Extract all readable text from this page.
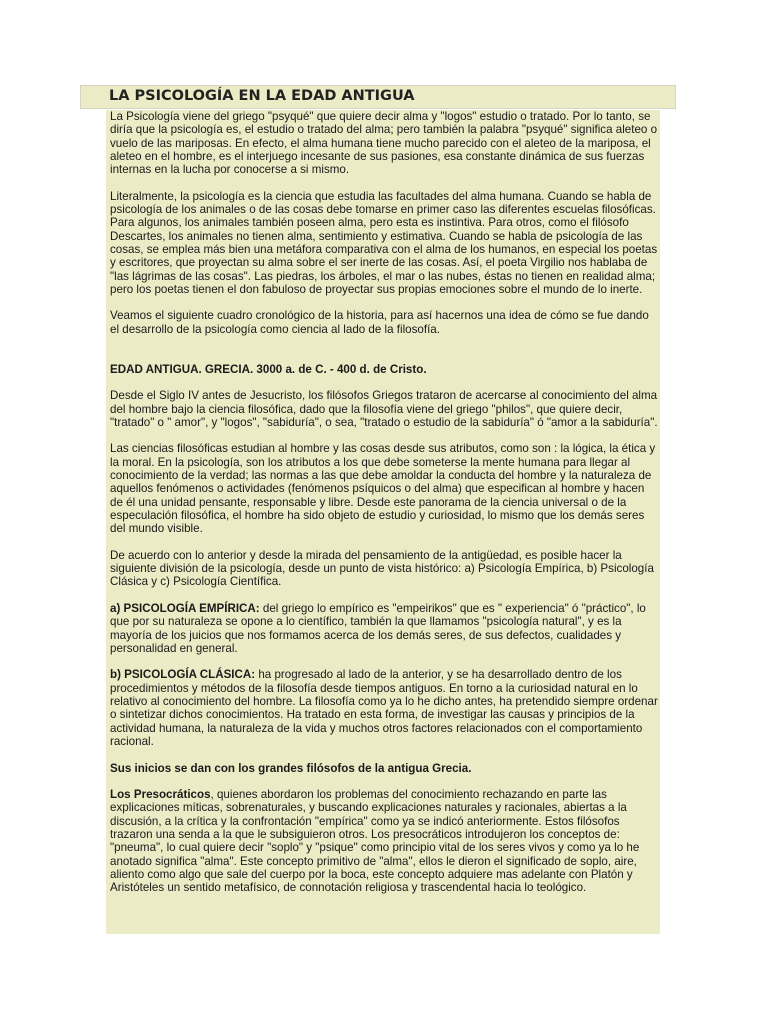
LA PSICOLOGÍA EN LA EDAD ANTIGUA

La Psicología viene del griego "psyqué" que quiere decir alma y "logos" estudio o tratado. Por lo tanto, se diría que la psicología es, el estudio o tratado del alma; pero también la palabra "psyqué" significa aleteo o vuelo de las mariposas. En efecto, el alma humana tiene mucho parecido con el aleteo de la mariposa, el aleteo en el hombre, es el interjuego incesante de sus pasiones, esa constante dinámica de sus fuerzas internas en la lucha por conocerse a si mismo.

Literalmente, la psicología es la ciencia que estudia las facultades del alma humana. Cuando se habla de psicología de los animales o de las cosas debe tomarse en primer caso las diferentes escuelas filosóficas. Para algunos, los animales también poseen alma, pero esta es instintiva. Para otros, como el filósofo Descartes, los animales no tienen alma, sentimiento y estimativa. Cuando se habla de psicología de las cosas, se emplea más bien una metáfora comparativa con el alma de los humanos, en especial los poetas y escritores, que proyectan su alma sobre el ser inerte de las cosas. Así, el poeta Virgilio nos hablaba de "las lágrimas de las cosas". Las piedras, los árboles, el mar o las nubes, éstas no tienen en realidad alma; pero los poetas tienen el don fabuloso de proyectar sus propias emociones sobre el mundo de lo inerte.

Veamos el siguiente cuadro cronológico de la historia, para así hacernos una idea de cómo se fue dando el desarrollo de la psicología como ciencia al lado de la filosofía.

EDAD ANTIGUA. GRECIA. 3000 a. de C. - 400 d. de Cristo.

Desde el Siglo IV antes de Jesucristo, los filósofos Griegos trataron de acercarse al conocimiento del alma del hombre bajo la ciencia filosófica, dado que la filosofía viene del griego "philos", que quiere decir, "tratado" o " amor", y "logos", "sabiduría", o sea, "tratado o estudio de la sabiduría" ó "amor a la sabiduría".

Las ciencias filosóficas estudian al hombre y las cosas desde sus atributos, como son : la lógica, la ética y la moral. En la psicología, son los atributos a los que debe someterse la mente humana para llegar al conocimiento de la verdad; las normas a las que debe amoldar la conducta del hombre y la naturaleza de aquellos fenómenos o actividades (fenómenos psíquicos o del alma) que especifican al hombre y hacen de él una unidad pensante, responsable y libre. Desde este panorama de la ciencia universal o de la especulación filosófica, el hombre ha sido objeto de estudio y curiosidad, lo mismo que los demás seres del mundo visible.

De acuerdo con lo anterior y desde la mirada del pensamiento de la antigüedad, es posible hacer la siguiente división de la psicología, desde un punto de vista histórico: a) Psicología Empírica, b) Psicología Clásica y c) Psicología Científica.

a) PSICOLOGÍA EMPÍRICA: del griego lo empírico es "empeirikos" que es " experiencia" ó "práctico", lo que por su naturaleza se opone a lo científico, también la que llamamos "psicología natural", y es la mayoría de los juicios que nos formamos acerca de los demás seres, de sus defectos, cualidades y personalidad en general.

b) PSICOLOGÍA CLÁSICA: ha progresado al lado de la anterior, y se ha desarrollado dentro de los procedimientos y métodos de la filosofía desde tiempos antiguos. En torno a la curiosidad natural en lo relativo al conocimiento del hombre. La filosofía como ya lo he dicho antes, ha pretendido siempre ordenar o sintetizar dichos conocimientos. Ha tratado en esta forma, de investigar las causas y principios de la actividad humana, la naturaleza de la vida y muchos otros factores relacionados con el comportamiento racional.

Sus inicios se dan con los grandes filósofos de la antigua Grecia.

Los Presocráticos, quienes abordaron los problemas del conocimiento rechazando en parte las explicaciones míticas, sobrenaturales, y buscando explicaciones naturales y racionales, abiertas a la discusión, a la crítica y la confrontación "empírica" como ya se indicó anteriormente. Estos filósofos trazaron una senda a la que le subsiguieron otros. Los presocráticos introdujeron los conceptos de: "pneuma", lo cual quiere decir "soplo" y "psique" como principio vital de los seres vivos y como ya lo he anotado significa "alma". Este concepto primitivo de "alma", ellos le dieron el significado de soplo, aire, aliento como algo que sale del cuerpo por la boca, este concepto adquiere mas adelante con Platón y Aristóteles un sentido metafísico, de connotación religiosa y trascendental hacia lo teológico.
